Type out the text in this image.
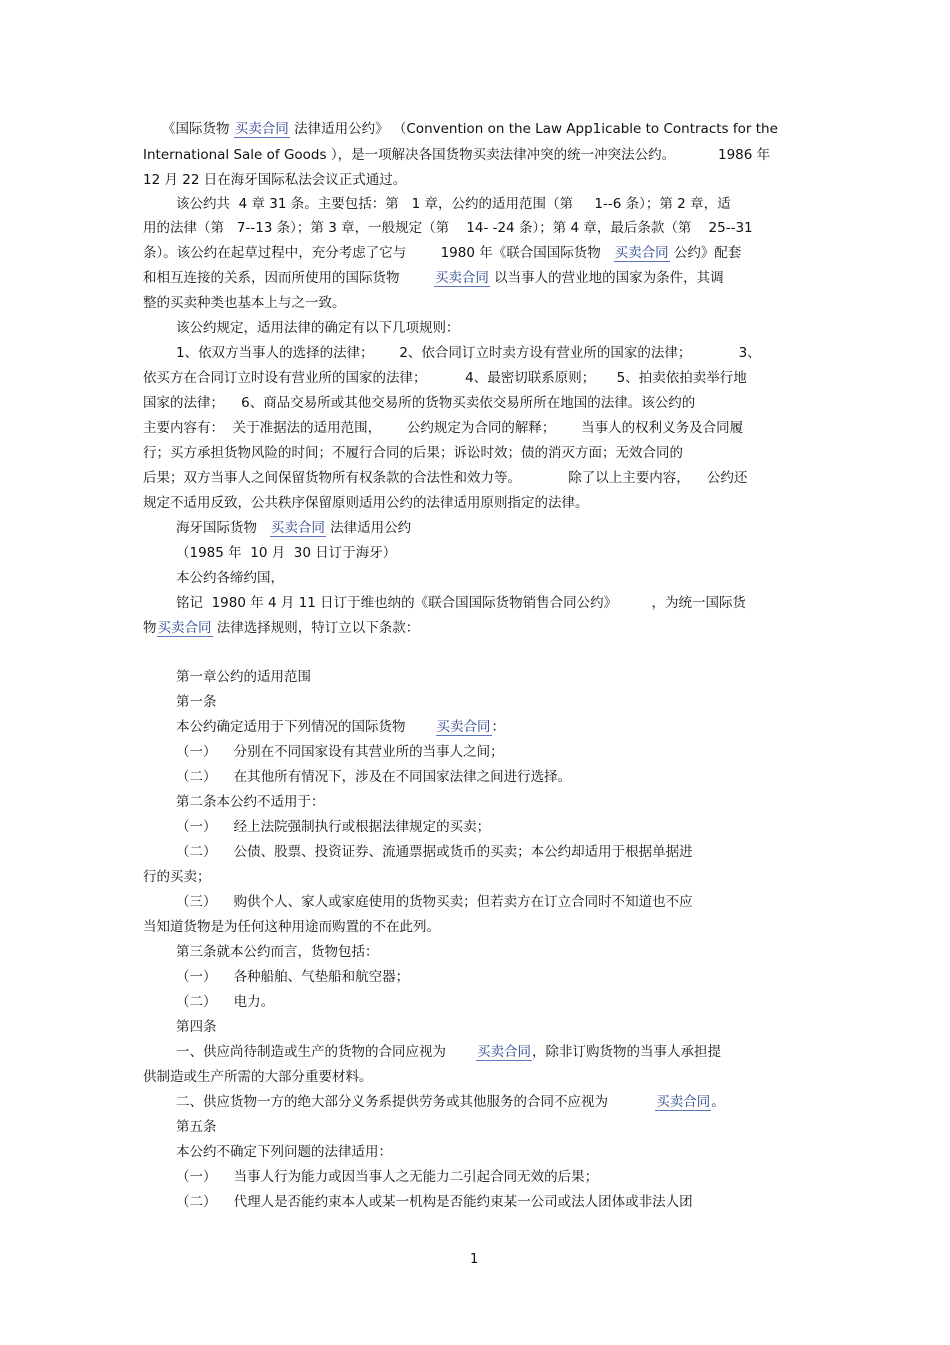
《国际货物 买卖合同 法律适用公约》 （Convention on the Law App1icable to Contracts for the
International Sale of Goods ），是一项解决各国货物买卖法律冲突的统一冲突法公约。          1986 年
12 月 22 日在海牙国际私法会议正式通过。
该公约共  4 章 31 条。主要包括：第   1 章，公约的适用范围（第     1--6 条）；第 2 章，适
用的法律（第   7--13 条）；第 3 章，一般规定（第    14- -24 条）；第 4 章，最后条款（第    25--31
条）。该公约在起草过程中，充分考虑了它与        1980 年《联合国国际货物   买卖合同 公约》配套
和相互连接的关系，因而所使用的国际货物        买卖合同 以当事人的营业地的国家为条件，其调
整的买卖种类也基本上与之一致。
该公约规定，适用法律的确定有以下几项规则：
1、依双方当事人的选择的法律；      2、依合同订立时卖方设有营业所的国家的法律；           3、
依买方在合同订立时设有营业所的国家的法律；         4、最密切联系原则；     5、拍卖依拍卖举行地
国家的法律；    6、商品交易所或其他交易所的货物买卖依交易所所在地国的法律。该公约的
主要内容有：  关于准据法的适用范围，      公约规定为合同的解释；      当事人的权利义务及合同履
行；买方承担货物风险的时间；不履行合同的后果；诉讼时效；债的消灭方面；无效合同的
后果；双方当事人之间保留货物所有权条款的合法性和效力等。           除了以上主要内容，    公约还
规定不适用反致，公共秩序保留原则适用公约的法律适用原则指定的法律。
海牙国际货物   买卖合同 法律适用公约
（1985 年  10 月  30 日订于海牙）
本公约各缔约国，
铭记  1980 年 4 月 11 日订于维也纳的《联合国国际货物销售合同公约》        ，为统一国际货
物买卖合同 法律选择规则，特订立以下条款：
第一章公约的适用范围
第一条
本公约确定适用于下列情况的国际货物       买卖合同：
（一）    分别在不同国家设有其营业所的当事人之间；
（二）    在其他所有情况下，涉及在不同国家法律之间进行选择。
第二条本公约不适用于：
（一）    经上法院强制执行或根据法律规定的买卖；
（二）    公债、股票、投资证券、流通票据或货币的买卖；本公约却适用于根据单据进
行的买卖；
（三）    购供个人、家人或家庭使用的货物买卖；但若卖方在订立合同时不知道也不应
当知道货物是为任何这种用途而购置的不在此列。
第三条就本公约而言，货物包括：
（一）    各种船舶、气垫船和航空器；
（二）    电力。
第四条
一、供应尚待制造或生产的货物的合同应视为       买卖合同，除非订购货物的当事人承担提
供制造或生产所需的大部分重要材料。
二、供应货物一方的绝大部分义务系提供劳务或其他服务的合同不应视为           买卖合同。
第五条
本公约不确定下列问题的法律适用：
（一）    当事人行为能力或因当事人之无能力二引起合同无效的后果；
（二）    代理人是否能约束本人或某一机构是否能约束某一公司或法人团体或非法人团
1
